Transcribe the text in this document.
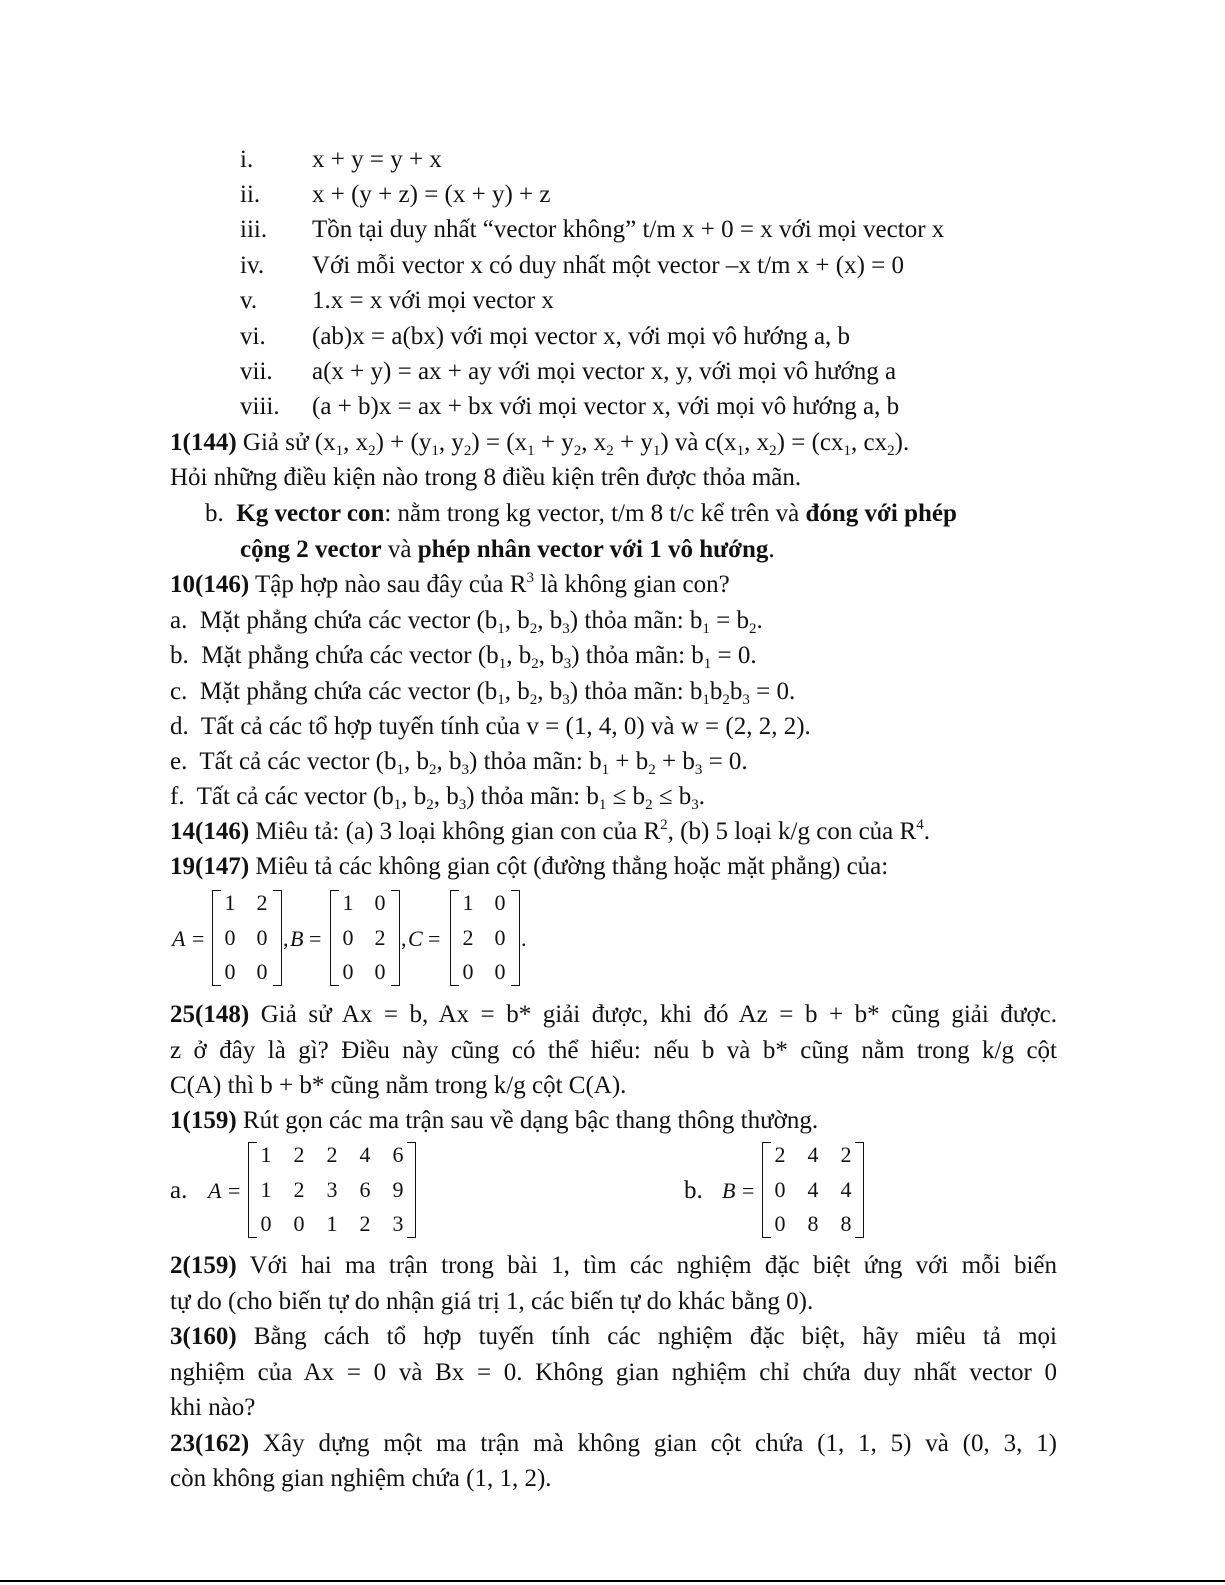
i.	x + y = y + x
ii.	x + (y + z) = (x + y) + z
iii.	Tồn tại duy nhất “vector không” t/m x + 0 = x với mọi vector x
iv.	Với mỗi vector x có duy nhất một vector –x t/m x + (x) = 0
v.	1.x = x với mọi vector x
vi.	(ab)x = a(bx) với mọi vector x, với mọi vô hướng a, b
vii.	a(x + y) = ax + ay với mọi vector x, y, với mọi vô hướng a
viii.	(a + b)x = ax + bx với mọi vector x, với mọi vô hướng a, b
1(144) Giả sử ($x_1$, $x_2) + (y_1$, $y_2) = (x_1 + y_2$, $x_2 + y_1$) và $c(x_1$, $x_2) = (cx_1$, $cx_2$).
Hỏi những điều kiện nào trong 8 điều kiện trên được thỏa mãn.
b. Kg vector con: nằm trong kg vector, t/m 8 t/c kể trên và đóng với phép
cộng 2 vector và phép nhân vector với 1 vô hướng.
10(146) Tập hợp nào sau đây của $R^3$ là không gian con?
a.  Mặt phẳng chứa các vector ($b_1$, $b_2$, $b_3$) thỏa mãn: $b_1 = b_2$.
b.  Mặt phẳng chứa các vector ($b_1$, $b_2$, $b_3$) thỏa mãn: $b_1 = 0$.
c.  Mặt phẳng chứa các vector ($b_1$, $b_2$, $b_3$) thỏa mãn: $b_1b_2b_3 = 0$.
d. Tất cả các tổ hợp tuyến tính của v = (1, 4, 0) và w = (2, 2, 2).
e.  Tất cả các vector ($b_1$, $b_2$, $b_3$) thỏa mãn: $b_1 + b_2 + b_3 = 0$.
f.  Tất cả các vector ($b_1$, $b_2$, $b_3$) thỏa mãn: $b_1 \le b_2 \le b_3$.
14(146) Miêu tả: (a) 3 loại không gian con của $R^2$, (b) 5 loại k/g con của $R^4$.
19(147) Miêu tả các không gian cột (đường thẳng hoặc mặt phẳng) của:
A =
1 2
0 0
0 0
, B =
1 0
0 2
0 0
, C =
1 0
2 0
0 0
.
25(148) Giả sử Ax = b, Ax = b* giải được, khi đó Az = b + b* cũng giải được.
z ở đây là gì? Điều này cũng có thể hiểu: nếu b và b* cũng nằm trong k/g cột
C(A) thì b + b* cũng nằm trong k/g cột C(A).
1(159) Rút gọn các ma trận sau về dạng bậc thang thông thường.
a. A =
1 2 2 4 6
1 2 3 6 9
0 0 1 2 3
b. B =
2 4 2
0 4 4
0 8 8
2(159) Với hai ma trận trong bài 1, tìm các nghiệm đặc biệt ứng với mỗi biến
tự do (cho biến tự do nhận giá trị 1, các biến tự do khác bằng 0).
3(160) Bằng cách tổ hợp tuyến tính các nghiệm đặc biệt, hãy miêu tả mọi
nghiệm của Ax = 0 và Bx = 0. Không gian nghiệm chỉ chứa duy nhất vector 0
khi nào?
23(162) Xây dựng một ma trận mà không gian cột chứa (1, 1, 5) và (0, 3, 1)
còn không gian nghiệm chứa (1, 1, 2).
